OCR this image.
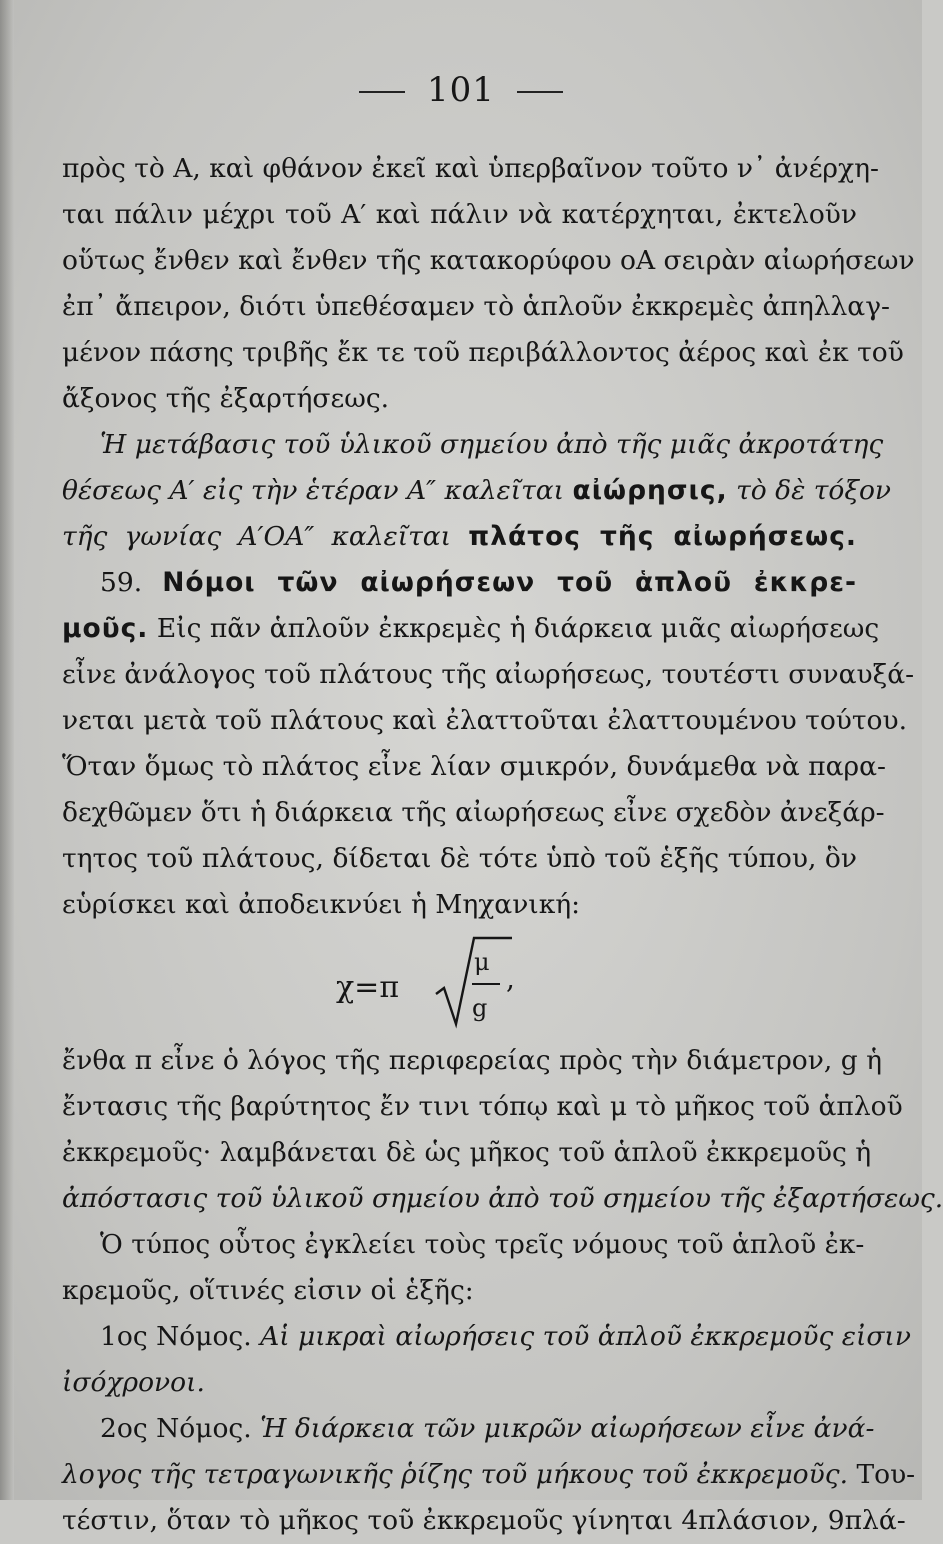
101
πρὸς τὸ Α, καὶ φθάνον ἐκεῖ καὶ ὑπερβαῖνον τοῦτο ν᾽ ἀνέρχη-
ται πάλιν μέχρι τοῦ Α′ καὶ πάλιν νὰ κατέρχηται, ἐκτελοῦν
οὕτως ἔνθεν καὶ ἔνθεν τῆς κατακορύφου οΑ σειρὰν αἰωρήσεων
ἐπ᾽ ἄπειρον, διότι ὑπεθέσαμεν τὸ ἁπλοῦν ἐκκρεμὲς ἀπηλλαγ-
μένον πάσης τριβῆς ἔκ τε τοῦ περιβάλλοντος ἀέρος καὶ ἐκ τοῦ
ἄξονος τῆς ἐξαρτήσεως.
Ἡ μετάβασις τοῦ ὑλικοῦ σημείου ἀπὸ τῆς μιᾶς ἀκροτάτης
θέσεως Α′ εἰς τὴν ἑτέραν Α″ καλεῖται αἰώρησις, τὸ δὲ τόξον
τῆς γωνίας Α′ΟΑ″ καλεῖται πλάτος τῆς αἰωρήσεως.
59. Νόμοι τῶν αἰωρήσεων τοῦ ἁπλοῦ ἐκκρε-
μοῦς. Εἰς πᾶν ἁπλοῦν ἐκκρεμὲς ἡ διάρκεια μιᾶς αἰωρήσεως
εἶνε ἀνάλογος τοῦ πλάτους τῆς αἰωρήσεως, τουτέστι συναυξά-
νεται μετὰ τοῦ πλάτους καὶ ἐλαττοῦται ἐλαττουμένου τούτου.
Ὅταν ὅμως τὸ πλάτος εἶνε λίαν σμικρόν, δυνάμεθα νὰ παρα-
δεχθῶμεν ὅτι ἡ διάρκεια τῆς αἰωρήσεως εἶνε σχεδὸν ἀνεξάρ-
τητος τοῦ πλάτους, δίδεται δὲ τότε ὑπὸ τοῦ ἑξῆς τύπου, ὃν
εὑρίσκει καὶ ἀποδεικνύει ἡ Μηχανική:
χ=π
μ
g
,
ἔνθα π εἶνε ὁ λόγος τῆς περιφερείας πρὸς τὴν διάμετρον, g ἡ
ἔντασις τῆς βαρύτητος ἔν τινι τόπῳ καὶ μ τὸ μῆκος τοῦ ἁπλοῦ
ἐκκρεμοῦς· λαμβάνεται δὲ ὡς μῆκος τοῦ ἁπλοῦ ἐκκρεμοῦς ἡ
ἀπόστασις τοῦ ὑλικοῦ σημείου ἀπὸ τοῦ σημείου τῆς ἐξαρτήσεως.
Ὁ τύπος οὗτος ἐγκλείει τοὺς τρεῖς νόμους τοῦ ἁπλοῦ ἐκ-
κρεμοῦς, οἵτινές εἰσιν οἱ ἑξῆς:
1ος Νόμος. Αἱ μικραὶ αἰωρήσεις τοῦ ἁπλοῦ ἐκκρεμοῦς εἰσιν
ἰσόχρονοι.
2ος Νόμος. Ἡ διάρκεια τῶν μικρῶν αἰωρήσεων εἶνε ἀνά-
λογος τῆς τετραγωνικῆς ῥίζης τοῦ μήκους τοῦ ἐκκρεμοῦς. Του-
τέστιν, ὅταν τὸ μῆκος τοῦ ἐκκρεμοῦς γίνηται 4πλάσιον, 9πλά-
